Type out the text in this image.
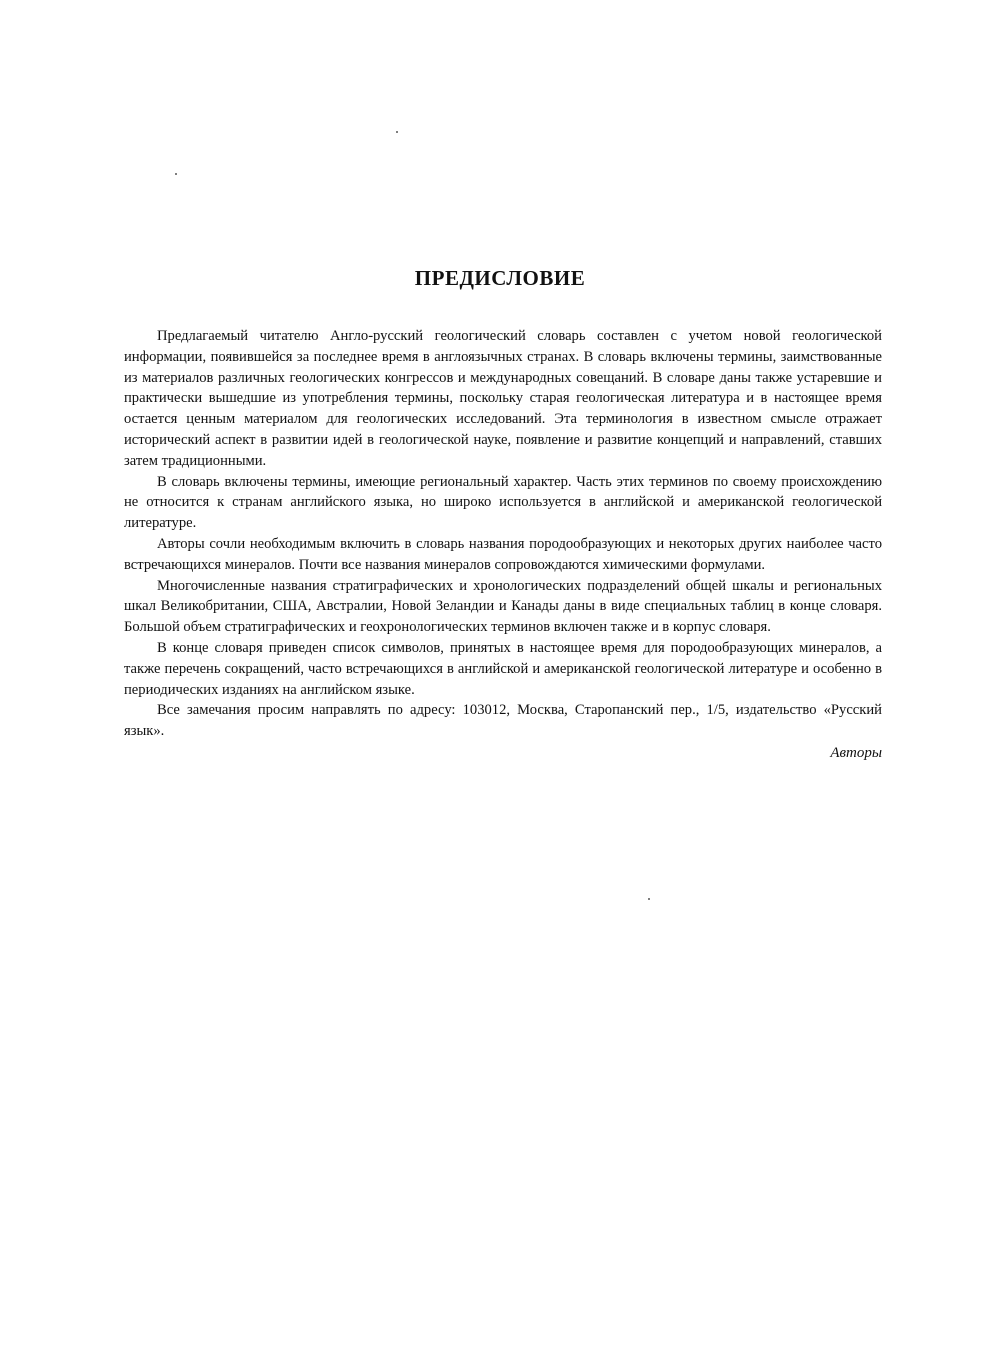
ПРЕДИСЛОВИЕ

Предлагаемый читателю Англо-русский геологический словарь составлен с учетом новой геологической информации, появившейся за последнее время в англоязычных странах. В словарь включены термины, заимствованные из материалов различных геологических конгрессов и международных совещаний. В словаре даны также устаревшие и практически вышедшие из употребления термины, поскольку старая геологическая литература и в настоящее время остается ценным материалом для геологических исследований. Эта терминология в известном смысле отражает исторический аспект в развитии идей в геологической науке, появление и развитие концепций и направлений, ставших затем традиционными.

В словарь включены термины, имеющие региональный характер. Часть этих терминов по своему происхождению не относится к странам английского языка, но широко используется в английской и американской геологической литературе.

Авторы сочли необходимым включить в словарь названия породообразующих и некоторых других наиболее часто встречающихся минералов. Почти все названия минералов сопровождаются химическими формулами.

Многочисленные названия стратиграфических и хронологических подразделений общей шкалы и региональных шкал Великобритании, США, Австралии, Новой Зеландии и Канады даны в виде специальных таблиц в конце словаря. Большой объем стратиграфических и геохронологических терминов включен также и в корпус словаря.

В конце словаря приведен список символов, принятых в настоящее время для породообразующих минералов, а также перечень сокращений, часто встречающихся в английской и американской геологической литературе и особенно в периодических изданиях на английском языке.

Все замечания просим направлять по адресу: 103012, Москва, Старопанский пер., 1/5, издательство «Русский язык».

Авторы
